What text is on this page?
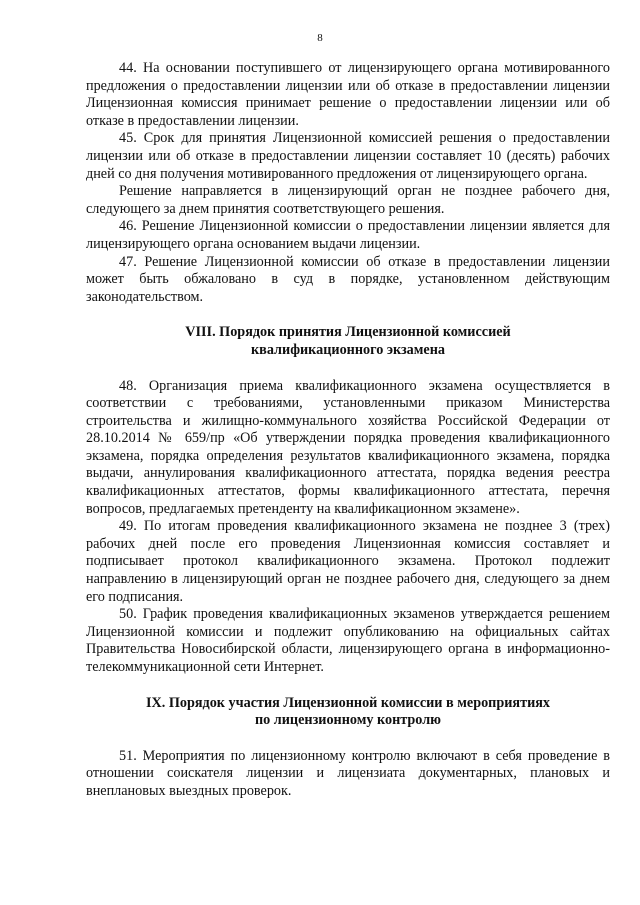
8

44. На основании поступившего от лицензирующего органа мотивированного предложения о предоставлении лицензии или об отказе в предоставлении лицензии Лицензионная комиссия принимает решение о предоставлении лицензии или об отказе в предоставлении лицензии.

45. Срок для принятия Лицензионной комиссией решения о предоставлении лицензии или об отказе в предоставлении лицензии составляет 10 (десять) рабочих дней со дня получения мотивированного предложения от лицензирующего органа.

Решение направляется в лицензирующий орган не позднее рабочего дня, следующего за днем принятия соответствующего решения.

46. Решение Лицензионной комиссии о предоставлении лицензии является для лицензирующего органа основанием выдачи лицензии.

47. Решение Лицензионной комиссии об отказе в предоставлении лицензии может быть обжаловано в суд в порядке, установленном действующим законодательством.

VIII. Порядок принятия Лицензионной комиссией
квалификационного экзамена

48. Организация приема квалификационного экзамена осуществляется в соответствии с требованиями, установленными приказом Министерства строительства и жилищно-коммунального хозяйства Российской Федерации от 28.10.2014 № 659/пр «Об утверждении порядка проведения квалификационного экзамена, порядка определения результатов квалификационного экзамена, порядка выдачи, аннулирования квалификационного аттестата, порядка ведения реестра квалификационных аттестатов, формы квалификационного аттестата, перечня вопросов, предлагаемых претенденту на квалификационном экзамене».

49. По итогам проведения квалификационного экзамена не позднее 3 (трех) рабочих дней после его проведения Лицензионная комиссия составляет и подписывает протокол квалификационного экзамена. Протокол подлежит направлению в лицензирующий орган не позднее рабочего дня, следующего за днем его подписания.

50. График проведения квалификационных экзаменов утверждается решением Лицензионной комиссии и подлежит опубликованию на официальных сайтах Правительства Новосибирской области, лицензирующего органа в информационно-телекоммуникационной сети Интернет.

IX. Порядок участия Лицензионной комиссии в мероприятиях
по лицензионному контролю

51. Мероприятия по лицензионному контролю включают в себя проведение в отношении соискателя лицензии и лицензиата документарных, плановых и внеплановых выездных проверок.
